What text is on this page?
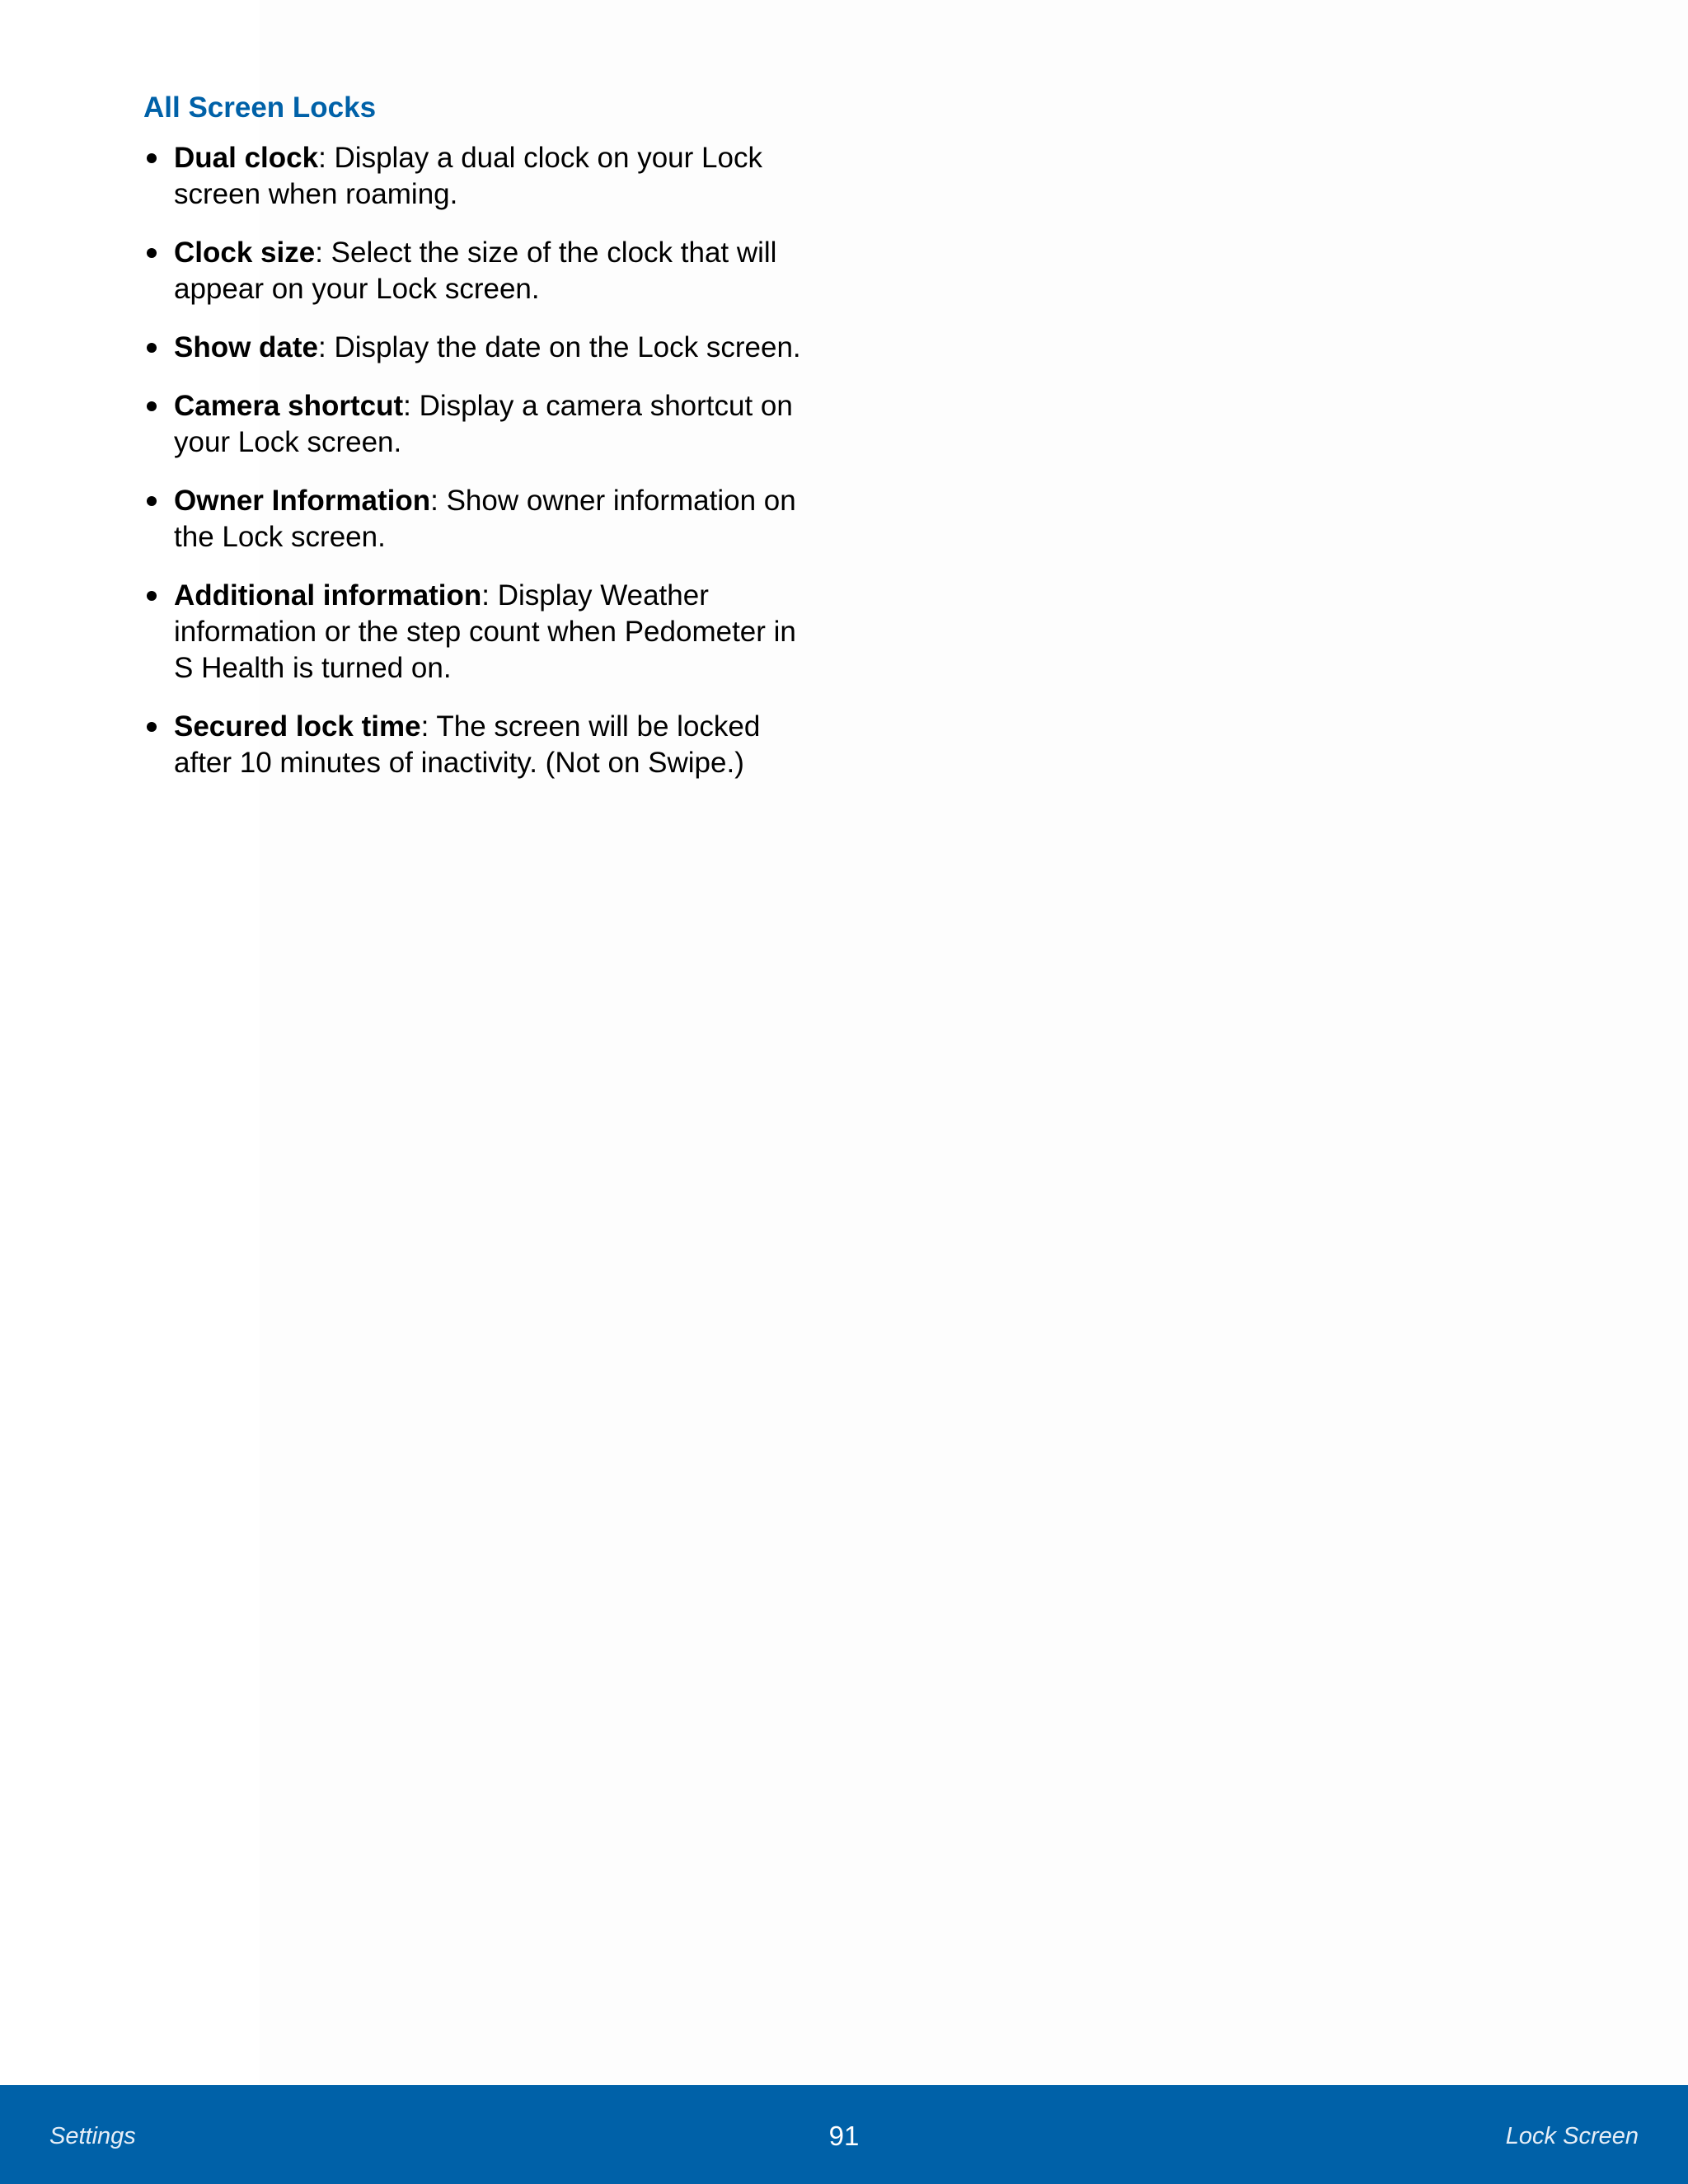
All Screen Locks
Dual clock: Display a dual clock on your Lock screen when roaming.
Clock size: Select the size of the clock that will appear on your Lock screen.
Show date: Display the date on the Lock screen.
Camera shortcut: Display a camera shortcut on your Lock screen.
Owner Information: Show owner information on the Lock screen.
Additional information: Display Weather information or the step count when Pedometer in S Health is turned on.
Secured lock time: The screen will be locked after 10 minutes of inactivity. (Not on Swipe.)
Settings	91	Lock Screen
